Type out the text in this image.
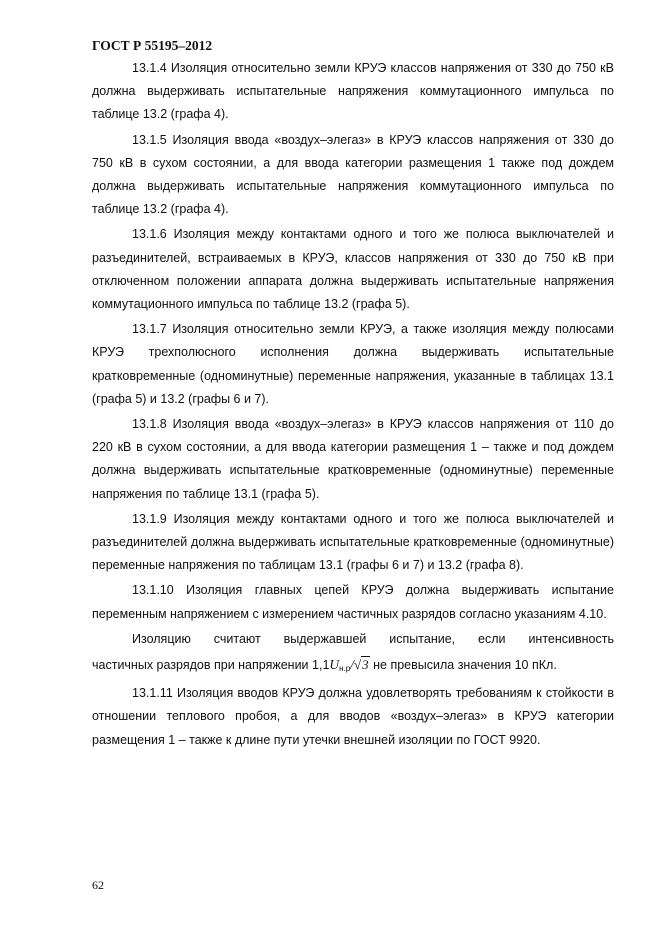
ГОСТ Р 55195–2012

13.1.4 Изоляция относительно земли КРУЭ классов напряжения от 330 до 750 кВ должна выдерживать испытательные напряжения коммутационного импульса по таблице 13.2 (графа 4).

13.1.5 Изоляция ввода «воздух–элегаз» в КРУЭ классов напряжения от 330 до 750 кВ в сухом состоянии, а для ввода категории размещения 1 также под дождем должна выдерживать испытательные напряжения коммутационного импульса по таблице 13.2 (графа 4).

13.1.6 Изоляция между контактами одного и того же полюса выключателей и разъединителей, встраиваемых в КРУЭ, классов напряжения от 330 до 750 кВ при отключенном положении аппарата должна выдерживать испытательные напряжения коммутационного импульса по таблице 13.2 (графа 5).

13.1.7 Изоляция относительно земли КРУЭ, а также изоляция между полюсами КРУЭ трехполюсного исполнения должна выдерживать испытательные кратковременные (одноминутные) переменные напряжения, указанные в таблицах 13.1 (графа 5) и 13.2 (графы 6 и 7).

13.1.8 Изоляция ввода «воздух–элегаз» в КРУЭ классов напряжения от 110 до 220 кВ в сухом состоянии, а для ввода категории размещения 1 – также и под дождем должна выдерживать испытательные кратковременные (одноминутные) переменные напряжения по таблице 13.1 (графа 5).

13.1.9 Изоляция между контактами одного и того же полюса выключателей и разъединителей должна выдерживать испытательные кратковременные (одноминутные) переменные напряжения по таблицам 13.1 (графы 6 и 7) и 13.2 (графа 8).

13.1.10 Изоляция главных цепей КРУЭ должна выдерживать испытание переменным напряжением с измерением частичных разрядов согласно указаниям 4.10.

Изоляцию считают выдержавшей испытание, если интенсивность

частичных разрядов при напряжении $1,1U_{н.р}/√3$ не превысила значения 10 пКл.

13.1.11 Изоляция вводов КРУЭ должна удовлетворять требованиям к стойкости в отношении теплового пробоя, а для вводов «воздух–элегаз» в КРУЭ категории размещения 1 – также к длине пути утечки внешней изоляции по ГОСТ 9920.

62
